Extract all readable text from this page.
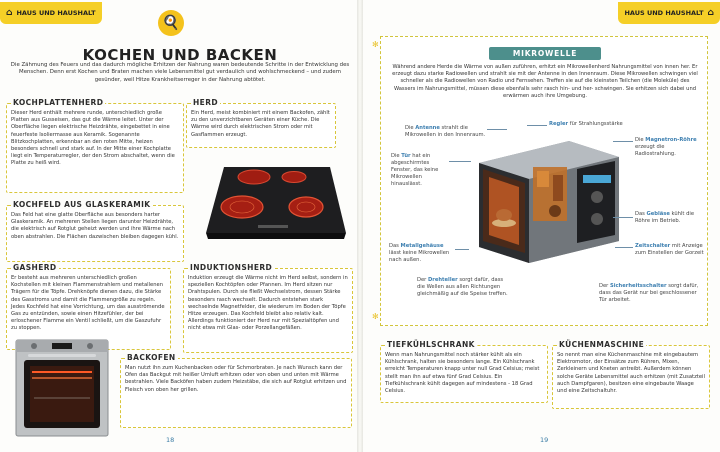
⌂ HAUS UND HAUSHALT
🍳
KOCHEN UND BACKEN
Die Zähmung des Feuers und das dadurch mögliche Erhitzen der Nahrung waren bedeutende Schritte in der Entwicklung des Menschen. Denn erst Kochen und Braten machen viele Lebensmittel gut verdaulich und wohlschmeckend – und zudem gesünder, weil Hitze Krankheitserreger in der Nahrung abtötet.
KOCHPLATTENHERD
Dieser Herd enthält mehrere runde, unterschiedlich große Platten aus Gusseisen, das gut die Wärme leitet. Unter der Oberfläche liegen elektrische Heizdrähte, eingebettet in eine feuerfeste Isoliermasse aus Keramik. Sogenannte Blitzkochplatten, erkennbar an den roten Mitte, heizen besonders schnell und stark auf. In der Mitte einer Kochplatte liegt ein Temperaturregler, der den Strom abschaltet, wenn die Platte zu heiß wird.
HERD
Ein Herd, meist kombiniert mit einem Backofen, zählt zu den unverzichtbaren Geräten einer Küche. Die Wärme wird durch elektrischen Strom oder mit Gasflammen erzeugt.
KOCHFELD AUS GLASKERAMIK
Das Feld hat eine glatte Oberfläche aus besonders harter Glaskeramik. An mehreren Stellen liegen darunter Heizdrähte, die elektrisch auf Rotglut geheizt werden und ihre Wärme nach oben abstrahlen. Die Flächen dazwischen bleiben dagegen kühl.
GASHERD
Er besteht aus mehreren unterschiedlich großen Kochstellen mit kleinen Flammenstrahlern und metallenen Trägern für die Töpfe. Drehknöpfe dienen dazu, die Stärke des Gasstroms und damit die Flammengröße zu regeln. Jedes Kochfeld hat eine Vorrichtung, um das ausströmende Gas zu entzünden, sowie einen Hitzefühler, der bei erloschener Flamme ein Ventil schließt, um die Gaszufuhr zu stoppen.
INDUKTIONSHERD
Induktion erzeugt die Wärme nicht im Herd selbst, sondern in speziellen Kochtöpfen oder Pfannen. Im Herd sitzen nur Drahtspulen. Durch sie fließt Wechselstrom, dessen Stärke besonders rasch wechselt. Dadurch entstehen stark wechselnde Magnetfelder, die wiederum im Boden der Töpfe Hitze erzeugen. Das Kochfeld bleibt also relativ kalt. Allerdings funktioniert der Herd nur mit Spezialtöpfen und nicht etwa mit Glas- oder Porzellangefäßen.
BACKOFEN
Man nutzt ihn zum Kuchenbacken oder für Schmorbraten. Je nach Wunsch kann der Ofen das Backgut mit heißer Umluft erhitzen oder von oben und unten mit Wärme bestrahlen. Viele Backöfen haben zudem Heizstäbe, die sich auf Rotglut erhitzen und Fleisch von oben her grillen.
18
HAUS UND HAUSHALT ⌂
✻
✻
MIKROWELLE
Während andere Herde die Wärme von außen zuführen, erhitzt ein Mikrowellenherd Nahrungsmittel von innen her. Er erzeugt dazu starke Radiowellen und strahlt sie mit der Antenne in den Innenraum. Diese Mikrowellen schwingen viel schneller als die Radiowellen von Radio und Fernsehen. Treffen sie auf die kleinsten Teilchen (die Moleküle) des Wassers im Nahrungsmittel, müssen diese ebenfalls sehr rasch hin- und her- schwingen. Sie erhitzen sich dabei und erwärmen auch ihre Umgebung.
Die Antenne strahlt die Mikrowellen in den Innenraum.
Regler für Strahlungsstärke
Die Tür hat ein abgeschirmtes Fenster, das keine Mikrowellen hinauslässt.
Die Magnetron-Röhre erzeugt die Radiostrahlung.
Das Gebläse kühlt die Röhre im Betrieb.
Das Metallgehäuse lässt keine Mikrowellen nach außen.
Zeitschalter mit Anzeige zum Einstellen der Gorzeit
Der Drehteller sorgt dafür, dass die Wellen aus allen Richtungen gleichmäßig auf die Speise treffen.
Der Sicherheitsschalter sorgt dafür, dass das Gerät nur bei geschlossener Tür arbeitet.
TIEFKÜHLSCHRANK
Wenn man Nahrungsmittel noch stärker kühlt als ein Kühlschrank, halten sie besonders lange. Ein Kühlschrank erreicht Temperaturen knapp unter null Grad Celsius; meist stellt man ihn auf etwa fünf Grad Celsius. Ein Tiefkühlschrank kühlt dagegen auf mindestens - 18 Grad Celsius.
KÜCHENMASCHINE
So nennt man eine Küchenmaschine mit eingebautem Elektromotor, der Einsätze zum Rühren, Mixen, Zerkleinern und Kneten antreibt. Außerdem können solche Geräte Lebensmittel auch erhitzen (mit Zusatzteil auch Dampfgaren), besitzen eine eingebaute Waage und eine Zeitschaltuhr.
19
